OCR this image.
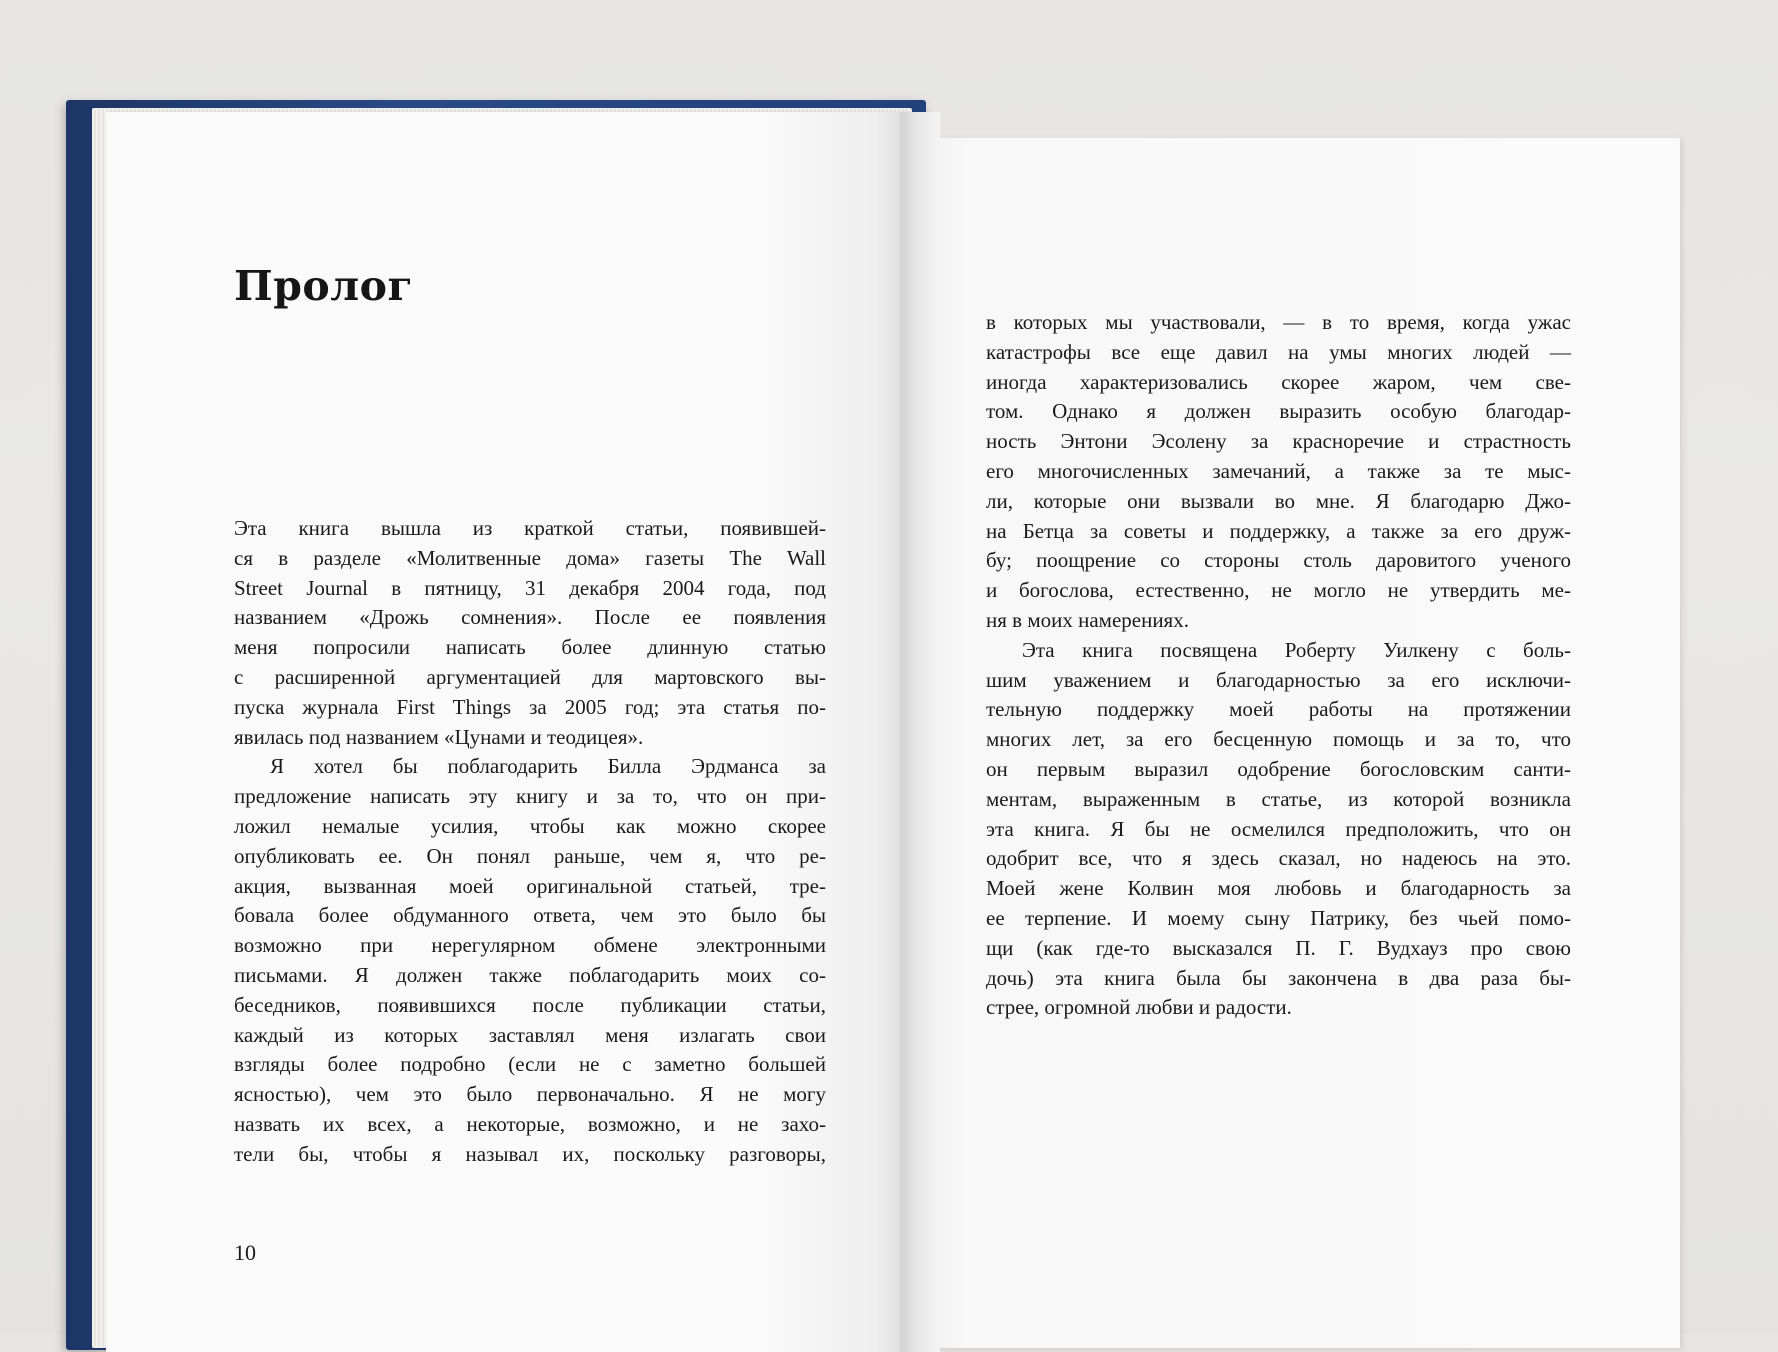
Пролог
Эта книга вышла из краткой статьи, появившей-
ся в разделе «Молитвенные дома» газеты The Wall
Street Journal в пятницу, 31 декабря 2004 года, под
названием «Дрожь сомнения». После ее появления
меня попросили написать более длинную статью
с расширенной аргументацией для мартовского вы-
пуска журнала First Things за 2005 год; эта статья по-
явилась под названием «Цунами и теодицея».
Я хотел бы поблагодарить Билла Эрдманса за
предложение написать эту книгу и за то, что он при-
ложил немалые усилия, чтобы как можно скорее
опубликовать ее. Он понял раньше, чем я, что ре-
акция, вызванная моей оригинальной статьей, тре-
бовала более обдуманного ответа, чем это было бы
возможно при нерегулярном обмене электронными
письмами. Я должен также поблагодарить моих со-
беседников, появившихся после публикации статьи,
каждый из которых заставлял меня излагать свои
взгляды более подробно (если не с заметно большей
ясностью), чем это было первоначально. Я не могу
назвать их всех, а некоторые, возможно, и не захо-
тели бы, чтобы я называл их, поскольку разговоры,
10
в которых мы участвовали, — в то время, когда ужас
катастрофы все еще давил на умы многих людей —
иногда характеризовались скорее жаром, чем све-
том. Однако я должен выразить особую благодар-
ность Энтони Эсолену за красноречие и страстность
его многочисленных замечаний, а также за те мыс-
ли, которые они вызвали во мне. Я благодарю Джо-
на Бетца за советы и поддержку, а также за его друж-
бу; поощрение со стороны столь даровитого ученого
и богослова, естественно, не могло не утвердить ме-
ня в моих намерениях.
Эта книга посвящена Роберту Уилкену с боль-
шим уважением и благодарностью за его исключи-
тельную поддержку моей работы на протяжении
многих лет, за его бесценную помощь и за то, что
он первым выразил одобрение богословским санти-
ментам, выраженным в статье, из которой возникла
эта книга. Я бы не осмелился предположить, что он
одобрит все, что я здесь сказал, но надеюсь на это.
Моей жене Колвин моя любовь и благодарность за
ее терпение. И моему сыну Патрику, без чьей помо-
щи (как где-то высказался П. Г. Вудхауз про свою
дочь) эта книга была бы закончена в два раза бы-
стрее, огромной любви и радости.
